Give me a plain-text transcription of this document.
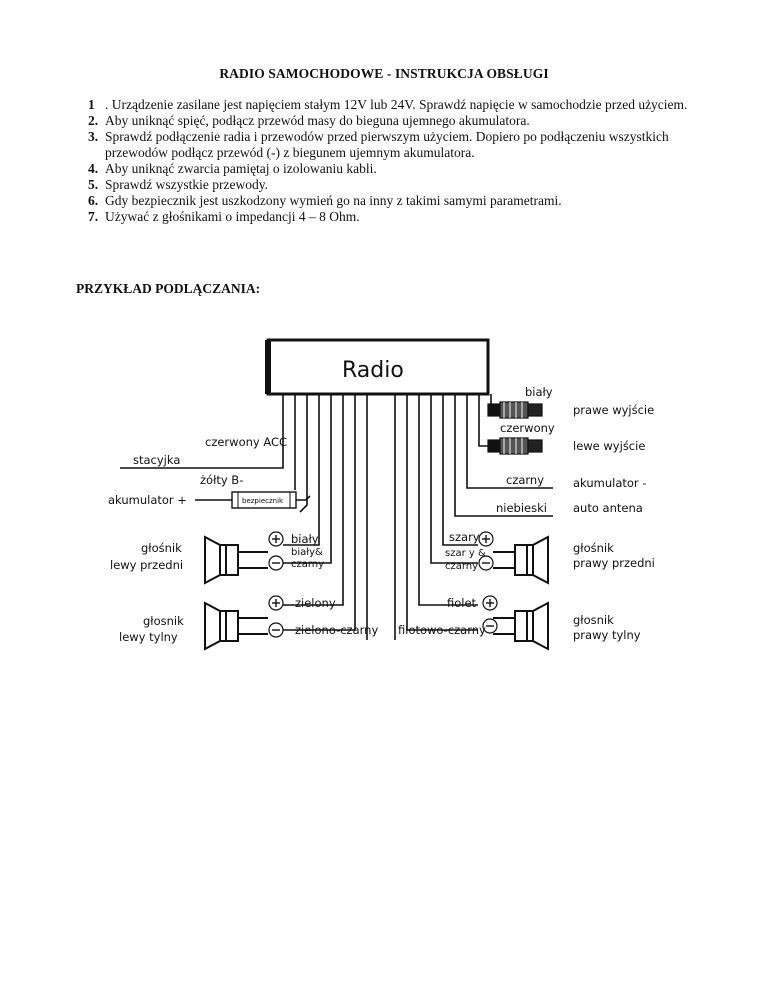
RADIO SAMOCHODOWE - INSTRUKCJA OBSŁUGI
1 . Urządzenie zasilane jest napięciem stałym 12V lub 24V. Sprawdź napięcie w samochodzie przed użyciem.
2. Aby uniknąć spięć, podłącz przewód masy do bieguna ujemnego akumulatora.
3. Sprawdź podłączenie radia i przewodów przed pierwszym użyciem. Dopiero po podłączeniu wszystkich przewodów podłącz przewód (-) z biegunem ujemnym akumulatora.
4. Aby uniknąć zwarcia pamiętaj o izolowaniu kabli.
5. Sprawdź wszystkie przewody.
6. Gdy bezpiecznik jest uszkodzony wymień go na inny z takimi samymi parametrami.
7. Używać z głośnikami o impedancji 4 – 8 Ohm.
PRZYKŁAD PODLĄCZANIA:
Radio
bezpiecznik
czerwony ACC
stacyjka
żółty B-
akumulator +
głośnik
lewy przedni
biały
biały&
czarny
głosnik
lewy tylny
zielony
zielono-czarny
biały
prawe wyjście
czerwony
lewe wyjście
czarny	akumulator -
niebieski auto antena
szary
szar y &
czarny
głośnik
prawy przedni
fiolet
filotowo-czarny
głosnik
prawy tylny
